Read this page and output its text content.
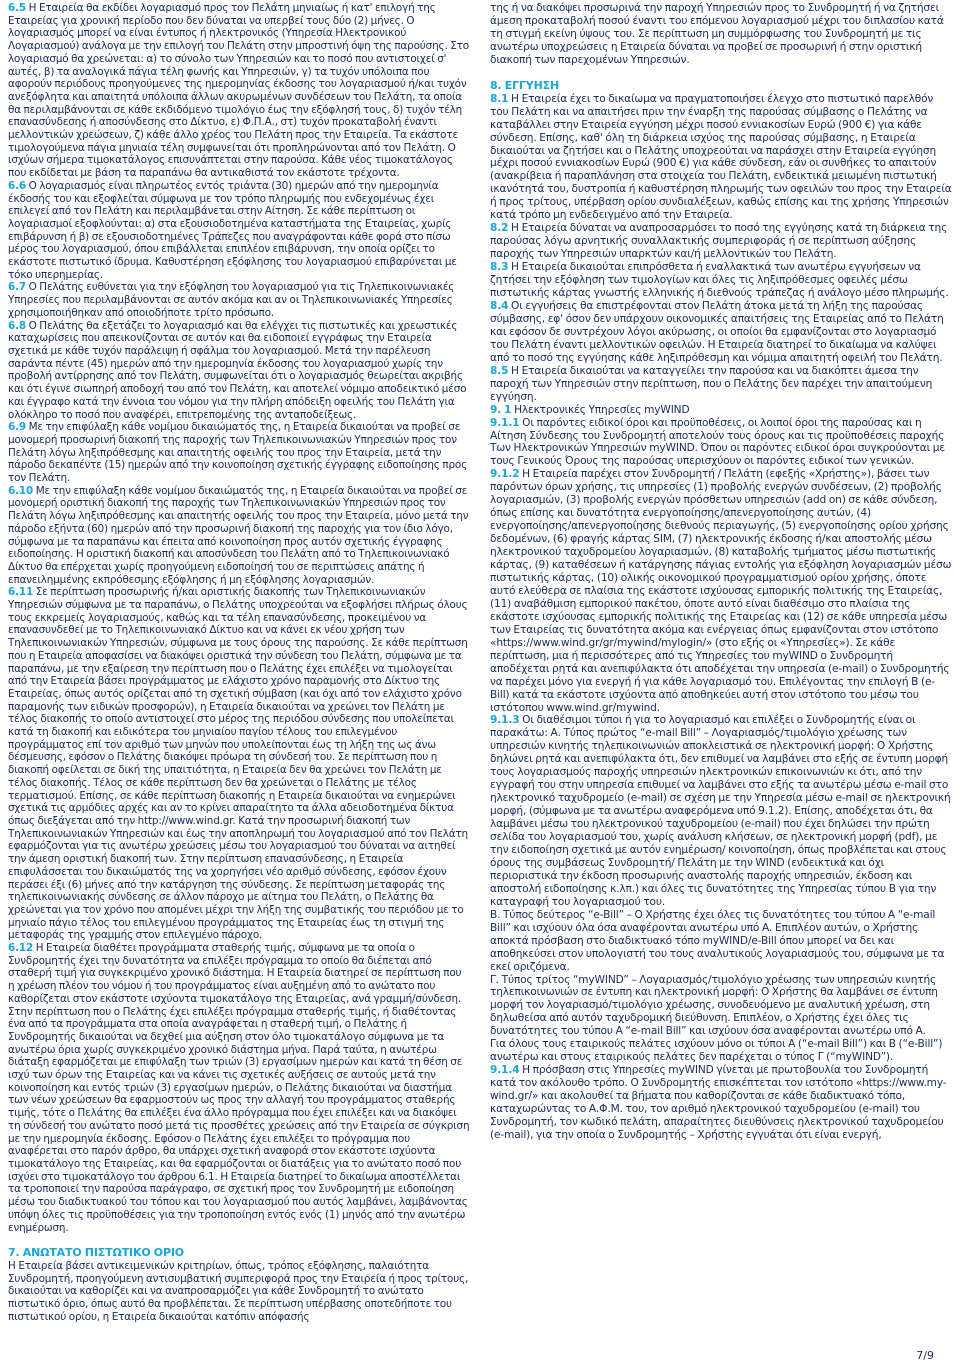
6.5 Η Εταιρεία θα εκδίδει λογαριασμό προς τον Πελάτη μηνιαίως ή κατ' επιλογή της Εταιρείας για χρονική περίοδο που δεν δύναται να υπερβεί τους δύο (2) μήνες. Ο λογαριασμός μπορεί να είναι έντυπος ή ηλεκτρονικός (Υπηρεσία Ηλεκτρονικού Λογαριασμού) ανάλογα με την επιλογή του Πελάτη στην μπροστινή όψη της παρούσης. Στο λογαριασμό θα χρεώνεται: α) το σύνολο των Υπηρεσιών και το ποσό που αντιστοιχεί σ' αυτές, β) τα αναλογικά πάγια τέλη φωνής και Υπηρεσιών, γ) τα τυχόν υπόλοιπα που αφορούν περιόδους προηγούμενες της ημερομηνίας έκδοσης του λογαριασμού ή/και τυχόν ανεξόφλητα και απαιτητά υπόλοιπα άλλων ακυρωμένων συνδέσεων του Πελάτη, τα οποία θα περιλαμβάνονται σε κάθε εκδιδόμενο τιμολόγιο έως την εξόφλησή τους, δ) τυχόν τέλη επανασύνδεσης ή αποσύνδεσης στο Δίκτυο, ε) Φ.Π.Α., στ) τυχόν προκαταβολή έναντι μελλοντικών χρεώσεων, ζ) κάθε άλλο χρέος του Πελάτη προς την Εταιρεία. Τα εκάστοτε τιμολογούμενα πάγια μηνιαία τέλη συμφωνείται ότι προπληρώνονται από τον Πελάτη. Ο ισχύων σήμερα τιμοκατάλογος επισυνάπτεται στην παρούσα. Κάθε νέος τιμοκατάλογος που εκδίδεται με βάση τα παραπάνω θα αντικαθιστά τον εκάστοτε τρέχοντα.

6.6 Ο λογαριασμός είναι πληρωτέος εντός τριάντα (30) ημερών από την ημερομηνία έκδοσής του και εξοφλείται σύμφωνα με τον τρόπο πληρωμής που ενδεχομένως έχει επιλεγεί από τον Πελάτη και περιλαμβάνεται στην Αίτηση. Σε κάθε περίπτωση οι λογαριασμοί εξοφλούνται: α) στα εξουσιοδοτημένα καταστήματα της Εταιρείας, χωρίς επιβάρυνση ή β) σε εξουσιοδοτημένες Τράπεζες που αναγράφονται κάθε φορά στο πίσω μέρος του λογαριασμού, όπου επιβάλλεται επιπλέον επιβάρυνση, την οποία ορίζει το εκάστοτε πιστωτικό ίδρυμα. Καθυστέρηση εξόφλησης του λογαριασμού επιβαρύνεται με τόκο υπερημερίας.

6.7 Ο Πελάτης ευθύνεται για την εξόφληση του λογαριασμού για τις Τηλεπικοινωνιακές Υπηρεσίες που περιλαμβάνονται σε αυτόν ακόμα και αν οι Τηλεπικοινωνιακές Υπηρεσίες χρησιμοποιήθηκαν από οποιοδήποτε τρίτο πρόσωπο.

6.8 Ο Πελάτης θα εξετάζει το λογαριασμό και θα ελέγχει τις πιστωτικές και χρεωστικές καταχωρίσεις που απεικονίζονται σε αυτόν και θα ειδοποιεί εγγράφως την Εταιρεία σχετικά με κάθε τυχόν παράλειψη ή σφάλμα του λογαριασμού. Μετά την παρέλευση σαράντα πέντε (45) ημερών από την ημερομηνία έκδοσης του λογαριασμού χωρίς την προβολή αντίρρησης από τον Πελάτη, συμφωνείται ότι ο λογαριασμός θεωρείται ακριβής και ότι έγινε σιωπηρή αποδοχή του από τον Πελάτη, και αποτελεί νόμιμο αποδεικτικό μέσο και έγγραφο κατά την έννοια του νόμου για την πλήρη απόδειξη οφειλής του Πελάτη για ολόκληρο το ποσό που αναφέρει, επιτρεπομένης της ανταποδείξεως.

6.9 Με την επιφύλαξη κάθε νομίμου δικαιώματός της, η Εταιρεία δικαιούται να προβεί σε μονομερή προσωρινή διακοπή της παροχής των Τηλεπικοινωνιακών Υπηρεσιών προς τον Πελάτη λόγω ληξιπρόθεσμης και απαιτητής οφειλής του προς την Εταιρεία, μετά την πάροδο δεκαπέντε (15) ημερών από την κοινοποίηση σχετικής έγγραφης ειδοποίησης προς τον Πελάτη.

6.10 Με την επιφύλαξη κάθε νομίμου δικαιώματός της, η Εταιρεία δικαιούται να προβεί σε μονομερή οριστική διακοπή της παροχής των Τηλεπικοινωνιακών Υπηρεσιών προς τον Πελάτη λόγω ληξιπρόθεσμης και απαιτητής οφειλής του προς την Εταιρεία, μόνο μετά την πάροδο εξήντα (60) ημερών από την προσωρινή διακοπή της παροχής για τον ίδιο λόγο, σύμφωνα με τα παραπάνω και έπειτα από κοινοποίηση προς αυτόν σχετικής έγγραφης ειδοποίησης. Η οριστική διακοπή και αποσύνδεση του Πελάτη από το Τηλεπικοινωνιακό Δίκτυο θα επέρχεται χωρίς προηγούμενη ειδοποίησή του σε περιπτώσεις απάτης ή επανειλημμένης εκπρόθεσμης εξόφλησης ή μη εξόφλησης λογαριασμών.

6.11 Σε περίπτωση προσωρινής ή/και οριστικής διακοπής των Τηλεπικοινωνιακών Υπηρεσιών σύμφωνα με τα παραπάνω, ο Πελάτης υποχρεούται να εξοφλήσει πλήρως όλους τους εκκρεμείς λογαριασμούς, καθώς και τα τέλη επανασύνδεσης, προκειμένου να επανασυνδεθεί με το Τηλεπικοινωνιακό Δίκτυο και να κάνει εκ νέου χρήση των Τηλεπικοινωνιακών Υπηρεσιών, σύμφωνα με τους όρους της παρούσης. Σε κάθε περίπτωση που η Εταιρεία αποφασίσει να διακόψει οριστικά την σύνδεση του Πελάτη, σύμφωνα με τα παραπάνω, με την εξαίρεση την περίπτωση που ο Πελάτης έχει επιλέξει να τιμολογείται από την Εταιρεία βάσει προγράμματος με ελάχιστο χρόνο παραμονής στο Δίκτυο της Εταιρείας, όπως αυτός ορίζεται από τη σχετική σύμβαση (και όχι από τον ελάχιστο χρόνο παραμονής των ειδικών προσφορών), η Εταιρεία δικαιούται να χρεώνει τον Πελάτη με τέλος διακοπής το οποίο αντιστοιχεί στο μέρος της περιόδου σύνδεσης που υπολείπεται κατά τη διακοπή και ειδικότερα του μηνιαίου παγίου τέλους του επιλεγμένου προγράμματος επί τον αριθμό των μηνών που υπολείπονται έως τη λήξη της ως άνω δέσμευσης, εφόσον ο Πελάτης διακόψει πρόωρα τη σύνδεσή του. Σε περίπτωση που η διακοπή οφείλεται σε δική της υπαιτιότητα, η Εταιρεία δεν θα χρεώνει τον Πελάτη με τέλος διακοπής. Τέλος σε κάθε περίπτωση δεν θα χρεώνεται ο Πελάτης με τέλος τερματισμού. Επίσης, σε κάθε περίπτωση διακοπής η Εταιρεία δικαιούται να ενημερώνει σχετικά τις αρμόδιες αρχές και αν το κρίνει απαραίτητο τα άλλα αδειοδοτημένα δίκτυα όπως διεξάγεται από την http://www.wind.gr. Κατά την προσωρινή διακοπή των Τηλεπικοινωνιακών Υπηρεσιών και έως την αποπληρωμή του λογαριασμού από τον Πελάτη εφαρμόζονται για τις ανωτέρω χρεώσεις μέσω του λογαριασμού του δύναται να αιτηθεί την άμεση οριστική διακοπή των. Στην περίπτωση επανασύνδεσης, η Εταιρεία επιφυλάσσεται του δικαιώματός της να χορηγήσει νέο αριθμό σύνδεσης, εφόσον έχουν περάσει έξι (6) μήνες από την κατάργηση της σύνδεσης. Σε περίπτωση μεταφοράς της τηλεπικοινωνιακής σύνδεσης σε άλλον πάροχο με αίτημα του Πελάτη, ο Πελάτης θα χρεώνεται για τον χρόνο που απομένει μέχρι την λήξη της συμβατικής του περιόδου με το μηνιαίο πάγιο τέλος του επιλεγμένου προγράμματος της Εταιρείας έως τη στιγμή της μεταφοράς της γραμμής στον επιλεγμένο πάροχο.

6.12 Η Εταιρεία διαθέτει προγράμματα σταθερής τιμής, σύμφωνα με τα οποία ο Συνδρομητής έχει την δυνατότητα να επιλέξει πρόγραμμα το οποίο θα διέπεται από σταθερή τιμή για συγκεκριμένο χρονικό διάστημα. Η Εταιρεία διατηρεί σε περίπτωση που η χρέωση πλέον του νόμου ή του προγράμματος είναι αυξημένη από το ανώτατο που καθορίζεται στον εκάστοτε ισχύοντα τιμοκατάλογο της Εταιρείας, ανά γραμμή/σύνδεση. Στην περίπτωση που ο Πελάτης έχει επιλέξει πρόγραμμα σταθερής τιμής, ή διαθέτοντας ένα από τα προγράμματα στα οποία αναγράφεται η σταθερή τιμή, ο Πελάτης ή Συνδρομητής δικαιούται να δεχθεί μια αύξηση στον όλο τιμοκατάλογο σύμφωνα με τα ανωτέρω όρια χωρίς συγκεκριμένο χρονικό διάστημα μήνα. Παρά ταύτα, η ανωτέρω διάταξη εφαρμόζεται με επιφύλαξη των τριών (3) εργασίμων ημερών και κατά τη θέση σε ισχύ των όρων της Εταιρείας και να κάνει τις σχετικές αυξήσεις σε αυτούς μετά την κοινοποίηση και εντός τριών (3) εργασίμων ημερών, ο Πελάτης δικαιούται να διαστήμα των νέων χρεώσεων θα εφαρμοστούν ως προς την αλλαγή του προγράμματος σταθερής τιμής, τότε ο Πελάτης θα επιλέξει ένα άλλο πρόγραμμα που έχει επιλέξει και να διακόψει τη σύνδεσή του ανώτατο ποσό μετά τις προσθέτες χρεώσεις από την Εταιρεία σε σύγκριση με την ημερομηνία έκδοσης. Εφόσον ο Πελάτης έχει επιλέξει το πρόγραμμα που αναφέρεται στο παρόν άρθρο, θα υπάρχει σχετική αναφορά στον εκάστοτε ισχύοντα τιμοκατάλογο της Εταιρείας, και θα εφαρμόζονται οι διατάξεις για το ανώτατο ποσό που ισχύει στο τιμοκατάλογο του άρθρου 6.1. Η Εταιρεία διατηρεί το δικαίωμα αποστέλλεται τα τροποποιεί την παρούσα παράγραφο, σε σχετική προς τον Συνδρομητή με ειδοποίηση μέσω του διαδικτυακού του τόπου και του λογαριασμού που αυτός λαμβάνει, λαμβάνοντας υπόψη όλες τις προϋποθέσεις για την τροποποίηση εντός ενός (1) μηνός από την ανωτέρω ενημέρωση.

7. ΑΝΩΤΑΤΟ ΠΙΣΤΩΤΙΚΟ ΟΡΙΟ

Η Εταιρεία βάσει αντικειμενικών κριτηρίων, όπως, τρόπος εξόφλησης, παλαιότητα Συνδρομητή, προηγούμενη αντισυμβατική συμπεριφορά προς την Εταιρεία ή προς τρίτους, δικαιούται να καθορίζει και να αναπροσαρμόζει για κάθε Συνδρομητή το ανώτατο πιστωτικό όριο, όπως αυτό θα προβλέπεται. Σε περίπτωση υπέρβασης οποτεδήποτε του πιστωτικού ορίου, η Εταιρεία δικαιούται κατόπιν απόφασής

της ή να διακόψει προσωρινά την παροχή Υπηρεσιών προς το Συνδρομητή ή να ζητήσει άμεση προκαταβολή ποσού έναντι του επόμενου λογαριασμού μέχρι του διπλασίου κατά τη στιγμή εκείνη ύψους του. Σε περίπτωση μη συμμόρφωσης του Συνδρομητή με τις ανωτέρω υποχρεώσεις η Εταιρεία δύναται να προβεί σε προσωρινή ή στην οριστική διακοπή των παρεχομένων Υπηρεσιών.

8. ΕΓΓΥΗΣΗ

8.1 Η Εταιρεία έχει το δικαίωμα να πραγματοποιήσει έλεγχο στο πιστωτικό παρελθόν του Πελάτη και να απαιτήσει πριν την έναρξη της παρούσας σύμβασης ο Πελάτης να καταβάλλει στην Εταιρεία εγγύηση μέχρι ποσού εννιακοσίων Ευρώ (900 €) για κάθε σύνδεση. Επίσης, καθ' όλη τη διάρκεια ισχύος της παρούσας σύμβασης, η Εταιρεία δικαιούται να ζητήσει και ο Πελάτης υποχρεούται να παράσχει στην Εταιρεία εγγύηση μέχρι ποσού εννιακοσίων Ευρώ (900 €) για κάθε σύνδεση, εάν οι συνθήκες το απαιτούν (ανακρίβεια ή παραπλάνηση στα στοιχεία του Πελάτη, ενδεικτικά μειωμένη πιστωτική ικανότητά του, δυστροπία ή καθυστέρηση πληρωμής των οφειλών του προς την Εταιρεία ή προς τρίτους, υπέρβαση ορίου συνδιαλέξεων, καθώς επίσης και της χρήσης Υπηρεσιών κατά τρόπο μη ενδεδειγμένο από την Εταιρεία.

8.2 Η Εταιρεία δύναται να αναπροσαρμόσει το ποσό της εγγύησης κατά τη διάρκεια της παρούσας λόγω αρνητικής συναλλακτικής συμπεριφοράς ή σε περίπτωση αύξησης παροχής των Υπηρεσιών υπαρκτών και/ή μελλοντικών του Πελάτη.

8.3 Η Εταιρεία δικαιούται επιπρόσθετα ή εναλλακτικά των ανωτέρω εγγυήσεων να ζητήσει την εξόφληση των τιμολογίων και όλες τις ληξιπρόθεσμες οφειλές μέσω πιστωτικής κάρτας γνωστής ελληνικής ή διεθνούς τράπεζας ή ανάλογο μέσο πληρωμής.

8.4 Οι εγγυήσεις θα επιστρέφονται στον Πελάτη άτοκα μετά τη λήξη της παρούσας σύμβασης, εφ' όσον δεν υπάρχουν οικονομικές απαιτήσεις της Εταιρείας από το Πελάτη και εφόσον δε συντρέχουν λόγοι ακύρωσης, οι οποίοι θα εμφανίζονται στο λογαριασμό του Πελάτη έναντι μελλοντικών οφειλών. Η Εταιρεία διατηρεί το δικαίωμα να καλύψει από το ποσό της εγγύησης κάθε ληξιπρόθεσμη και νόμιμα απαιτητή οφειλή του Πελάτη.

8.5 Η Εταιρεία δικαιούται να καταγγείλει την παρούσα και να διακόπτει άμεσα την παροχή των Υπηρεσιών στην περίπτωση, που ο Πελάτης δεν παρέχει την απαιτούμενη εγγύηση.

9. 1 Ηλεκτρονικές Υπηρεσίες myWIND

9.1.1 Οι παρόντες ειδικοί όροι και προϋποθέσεις, οι λοιποί όροι της παρούσας και η Αίτηση Σύνδεσης του Συνδρομητή αποτελούν τους όρους και τις προϋποθέσεις παροχής Των Ηλεκτρονικών Υπηρεσιών myWIND. Όπου οι παρόντες ειδικοί όροι συγκρούονται με τους Γενικούς Όρους της παρούσας υπερισχύουν οι παρόντες ειδικοί των γενικών.

9.1.2 Η Εταιρεία παρέχει στον Συνδρομητή / Πελάτη (εφεξής «Χρήστης»), βάσει των παρόντων όρων χρήσης, τις υπηρεσίες (1) προβολής ενεργών συνδέσεων, (2) προβολής λογαριασμών, (3) προβολής ενεργών πρόσθετων υπηρεσιών (add on) σε κάθε σύνδεση, όπως επίσης και δυνατότητα ενεργοποίησης/απενεργοποίησης αυτών, (4) ενεργοποίησης/απενεργοποίησης διεθνούς περιαγωγής, (5) ενεργοποίησης ορίου χρήσης δεδομένων, (6) φραγής κάρτας SIM, (7) ηλεκτρονικής έκδοσης ή/και αποστολής μέσω ηλεκτρονικού ταχυδρομείου λογαριασμών, (8) καταβολής τμήματος μέσω πιστωτικής κάρτας, (9) καταθέσεων ή κατάργησης πάγιας εντολής για εξόφληση λογαριασμών μέσω πιστωτικής κάρτας, (10) ολικής οικονομικού προγραμματισμού ορίου χρήσης, όποτε αυτό ελεύθερα σε πλαίσια της εκάστοτε ισχύουσας εμπορικής πολιτικής της Εταιρείας, (11) αναβάθμιση εμπορικού πακέτου, όποτε αυτό είναι διαθέσιμο στο πλαίσια της εκάστοτε ισχύουσας εμπορικής πολιτικής της Εταιρείας και (12) σε κάθε υπηρεσία μέσω των Εταιρείας τις δυνατότητα ακόμα και ενέργειας όπως εμφανίζονται στον ιστότοπο «https://www.wind.gr/gr/mywind/mylogin/» (στο εξής οι «Υπηρεσίες»). Σε κάθε περίπτωση, μια ή περισσότερες από τις Υπηρεσίες του myWIND ο Συνδρομητή αποδέχεται ρητά και ανεπιφύλακτα ότι αποδέχεται την υπηρεσία (e-mail) ο Συνδρομητής να παρέχει μόνο για ενεργή ή για κάθε λογαριασμό του. Επιλέγοντας την επιλογή Β (e-Bill) κατά τα εκάστοτε ισχύοντα από αποθηκεύει αυτή στον ιστότοπο του μέσω του ιστότοπου www.wind.gr/mywind.

9.1.3 Οι διαθέσιμοι τύποι ή για το λογαριασμό και επιλέξει ο Συνδρομητής είναι οι παρακάτω: Α. Τύπος πρώτος “e-mail Bill” – Λογαριασμός/τιμολόγιο χρέωσης των υπηρεσιών κινητής τηλεπικοινωνιών αποκλειστικά σε ηλεκτρονική μορφή: Ο Χρήστης δηλώνει ρητά και ανεπιφύλακτα ότι, δεν επιθυμεί να λαμβάνει στο εξής σε έντυπη μορφή τους λογαριασμούς παροχής υπηρεσιών ηλεκτρονικών επικοινωνιών κι ότι, από την εγγραφή του στην υπηρεσία επιθυμεί να λαμβάνει στο εξής τα ανωτέρω μέσω e-mail στο ηλεκτρονικό ταχυδρομείο (e-mail) σε σχέση με την Υπηρεσία μέσω e-mail σε ηλεκτρονική μορφή, (σύμφωνα με τα ανωτέρω αναφερόμενα υπό 9.1.2). Επίσης, αποδέχεται ότι, θα λαμβάνει μέσω του ηλεκτρονικού ταχυδρομείου (e-mail) που έχει δηλώσει την πρώτη σελίδα του λογαριασμού του, χωρίς ανάλυση κλήσεων, σε ηλεκτρονική μορφή (pdf), με την ειδοποίηση σχετικά με αυτόν ενημέρωση/ κοινοποίηση, όπως προβλέπεται και στους όρους της συμβάσεως Συνδρομητή/ Πελάτη με την WIND (ενδεικτικά και όχι περιοριστικά την έκδοση προσωρινής αναστολής παροχής υπηρεσιών, έκδοση και αποστολή ειδοποίησης κ.λπ.) και όλες τις δυνατότητες της Υπηρεσίας τύπου Β για την καταγραφή του λογαριασμού του.

Β. Τύπος δεύτερος “e-Bill” – Ο Χρήστης έχει όλες τις δυνατότητες του τύπου Α “e-mail Bill” και ισχύουν όλα όσα αναφέρονται ανωτέρω υπό Α. Επιπλέον αυτών, ο Χρήστης αποκτά πρόσβαση στο διαδικτυακό τόπο myWIND/e-Bill όπου μπορεί να δει και αποθηκεύσει στον υπολογιστή του τους αναλυτικούς λογαριασμούς του, σύμφωνα με τα εκεί οριζόμενα.

Γ. Τύπος τρίτος “myWIND” – Λογαριασμός/τιμολόγιο χρέωσης των υπηρεσιών κινητής τηλεπικοινωνιών σε έντυπη και ηλεκτρονική μορφή: Ο Χρήστης θα λαμβάνει σε έντυπη μορφή τον λογαριασμό/τιμολόγιο χρέωσης, συνοδευόμενο με αναλυτική χρέωση, στη δηλωθείσα από αυτόν ταχυδρομική διεύθυνση. Επιπλέον, ο Χρήστης έχει όλες τις δυνατότητες του τύπου Α “e-mail Bill” και ισχύουν όσα αναφέρονται ανωτέρω υπό Α.

Για όλους τους εταιρικούς πελάτες ισχύουν μόνο οι τύποι Α (“e-mail Bill”) και Β (“e-Bill”) ανωτέρω και στους εταιρικούς πελάτες δεν παρέχεται ο τύπος Γ (“myWIND”).

9.1.4 Η πρόσβαση στις Υπηρεσίες myWIND γίνεται με πρωτοβουλία του Συνδρομητή κατά τον ακόλουθο τρόπο. Ο Συνδρομητής επισκέπτεται τον ιστότοπο «https://www.my-wind.gr/» και ακολουθεί τα βήματα που καθορίζονται σε κάθε διαδικτυακό τόπο, καταχωρώντας το Α.Φ.Μ. του, τον αριθμό ηλεκτρονικού ταχυδρομείου (e-mail) του Συνδρομητή, τον κωδικό πελάτη, απαραίτητες διευθύνσεις ηλεκτρονικού ταχυδρομείου (e-mail), για την οποία ο Συνδρομητής – Χρήστης εγγυάται ότι είναι ενεργή,

7/9
